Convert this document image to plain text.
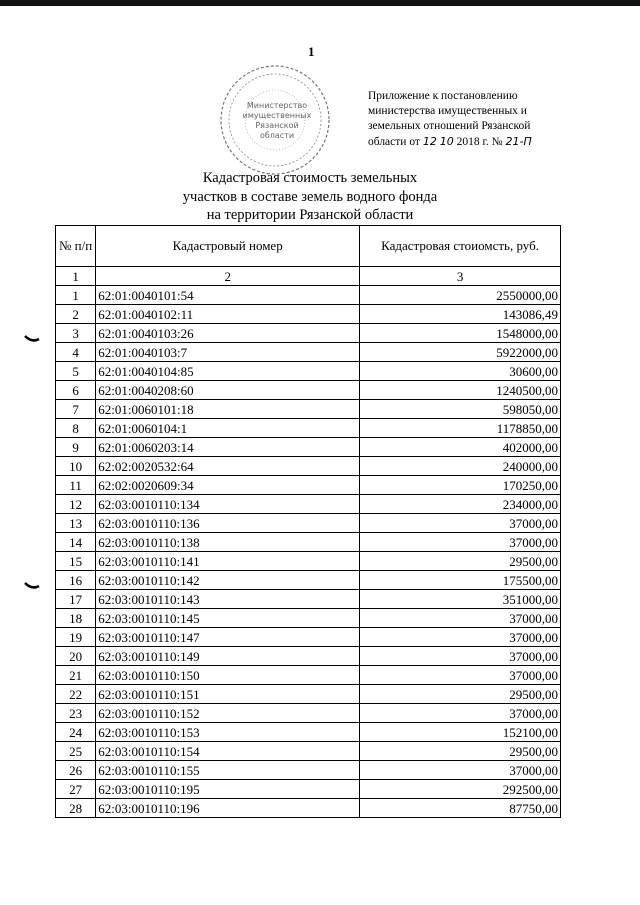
1
Министерство
имущественных
Рязанской
области
Приложение к постановлению
министерства имущественных и
земельных отношений Рязанской
области от 12 10 2018 г. № 21-П
Кадастровая стоимость земельных
участков в составе земель водного фонда
на территории Рязанской области
№ п/п	Кадастровый номер	Кадастровая стоиомсть, руб.
1	2	3
1	62:01:0040101:54	2550000,00
2	62:01:0040102:11	143086,49
3	62:01:0040103:26	1548000,00
4	62:01:0040103:7	5922000,00
5	62:01:0040104:85	30600,00
6	62:01:0040208:60	1240500,00
7	62:01:0060101:18	598050,00
8	62:01:0060104:1	1178850,00
9	62:01:0060203:14	402000,00
10	62:02:0020532:64	240000,00
11	62:02:0020609:34	170250,00
12	62:03:0010110:134	234000,00
13	62:03:0010110:136	37000,00
14	62:03:0010110:138	37000,00
15	62:03:0010110:141	29500,00
16	62:03:0010110:142	175500,00
17	62:03:0010110:143	351000,00
18	62:03:0010110:145	37000,00
19	62:03:0010110:147	37000,00
20	62:03:0010110:149	37000,00
21	62:03:0010110:150	37000,00
22	62:03:0010110:151	29500,00
23	62:03:0010110:152	37000,00
24	62:03:0010110:153	152100,00
25	62:03:0010110:154	29500,00
26	62:03:0010110:155	37000,00
27	62:03:0010110:195	292500,00
28	62:03:0010110:196	87750,00
